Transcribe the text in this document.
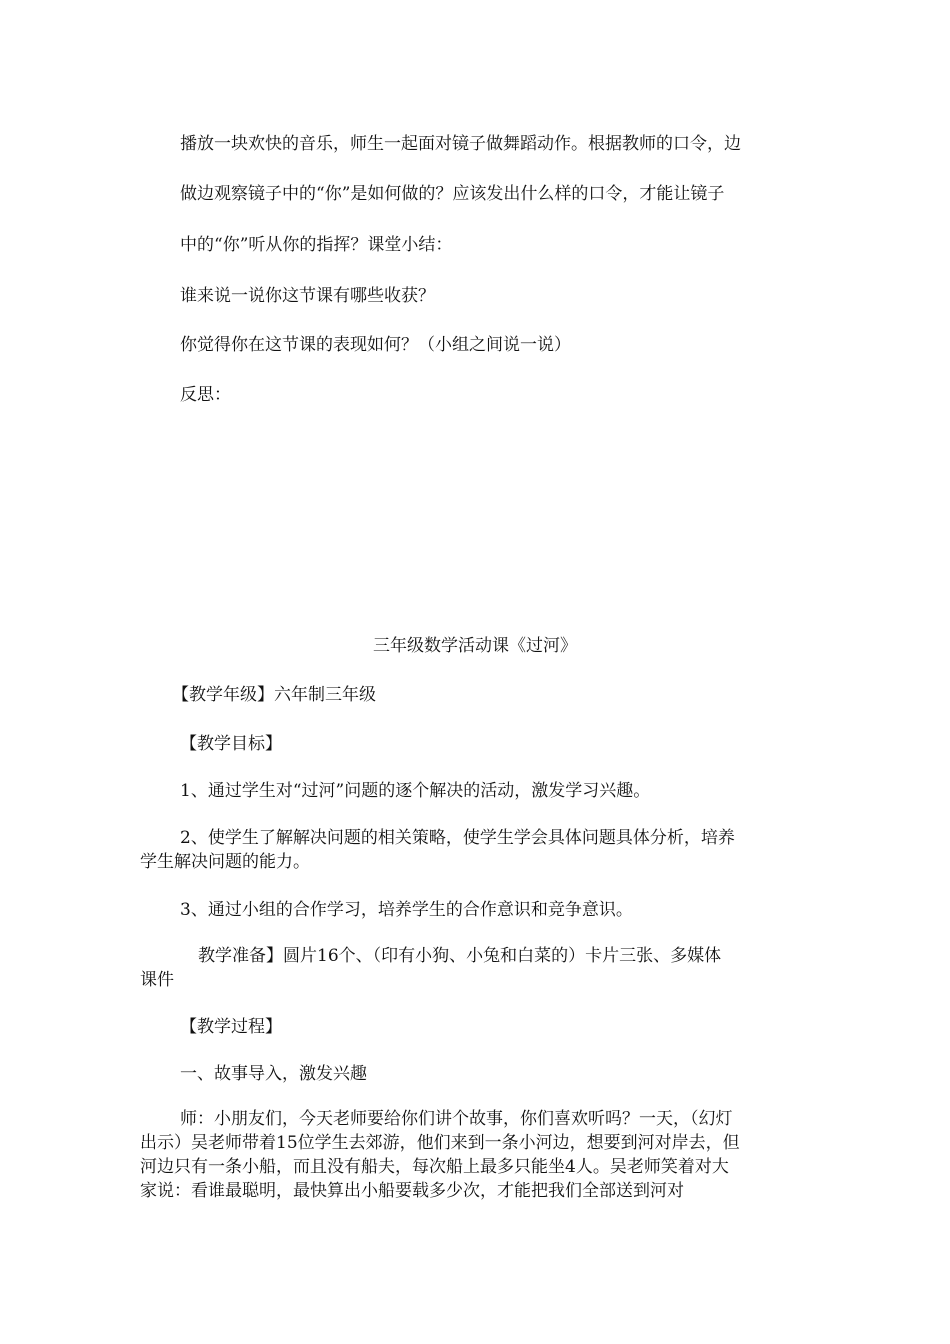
播放一块欢快的音乐，师生一起面对镜子做舞蹈动作。根据教师的口令，边
做边观察镜子中的“你”是如何做的？应该发出什么样的口令，才能让镜子
中的“你”听从你的指挥？课堂小结：
谁来说一说你这节课有哪些收获？
你觉得你在这节课的表现如何？（小组之间说一说）
反思：
三年级数学活动课《过河》
【教学年级】六年制三年级
【教学目标】
1、通过学生对“过河”问题的逐个解决的活动，激发学习兴趣。
2、使学生了解解决问题的相关策略，使学生学会具体问题具体分析，培养
学生解决问题的能力。
3、通过小组的合作学习，培养学生的合作意识和竞争意识。
教学准备】圆片16个、（印有小狗、小兔和白菜的）卡片三张、多媒体
课件
【教学过程】
一、故事导入，激发兴趣
师：小朋友们，今天老师要给你们讲个故事，你们喜欢听吗？一天，（幻灯
出示）吴老师带着15位学生去郊游，他们来到一条小河边，想要到河对岸去，但
河边只有一条小船，而且没有船夫，每次船上最多只能坐4人。吴老师笑着对大
家说：看谁最聪明，最快算出小船要载多少次，才能把我们全部送到河对
